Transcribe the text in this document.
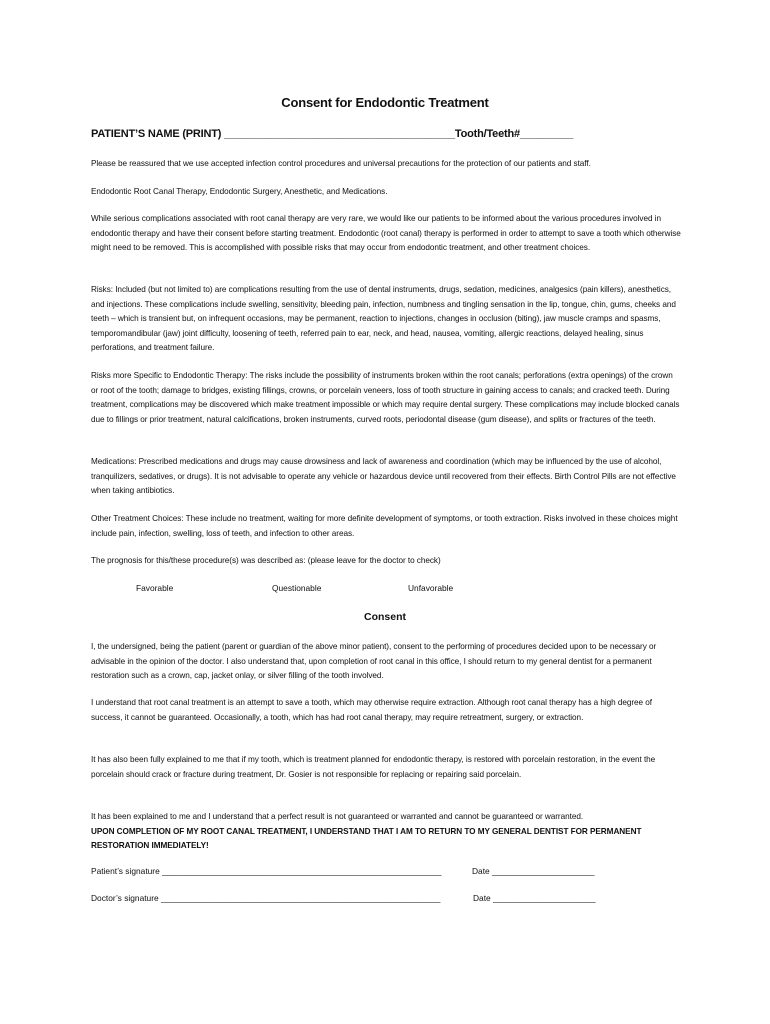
Consent for Endodontic Treatment
PATIENT’S NAME (PRINT) _______________________________________Tooth/Teeth#_________
Please be reassured that we use accepted infection control procedures and universal precautions for the protection of our patients and staff.
Endodontic Root Canal Therapy, Endodontic Surgery, Anesthetic, and Medications.
While serious complications associated with root canal therapy are very rare, we would like our patients to be informed about the various procedures involved in endodontic therapy and have their consent before starting treatment. Endodontic (root canal) therapy is performed in order to attempt to save a tooth which otherwise might need to be removed. This is accomplished with possible risks that may occur from endodontic treatment, and other treatment choices.
Risks: Included (but not limited to) are complications resulting from the use of dental instruments, drugs, sedation, medicines, analgesics (pain killers), anesthetics, and injections. These complications include swelling, sensitivity, bleeding pain, infection, numbness and tingling sensation in the lip, tongue, chin, gums, cheeks and teeth – which is transient but, on infrequent occasions, may be permanent, reaction to injections, changes in occlusion (biting), jaw muscle cramps and spasms, temporomandibular (jaw) joint difficulty, loosening of teeth, referred pain to ear, neck, and head, nausea, vomiting, allergic reactions, delayed healing, sinus perforations, and treatment failure.
Risks more Specific to Endodontic Therapy: The risks include the possibility of instruments broken within the root canals; perforations (extra openings) of the crown or root of the tooth; damage to bridges, existing fillings, crowns, or porcelain veneers, loss of tooth structure in gaining access to canals; and cracked teeth. During treatment, complications may be discovered which make treatment impossible or which may require dental surgery. These complications may include blocked canals due to fillings or prior treatment, natural calcifications, broken instruments, curved roots, periodontal disease (gum disease), and splits or fractures of the teeth.
Medications: Prescribed medications and drugs may cause drowsiness and lack of awareness and coordination (which may be influenced by the use of alcohol, tranquilizers, sedatives, or drugs). It is not advisable to operate any vehicle or hazardous device until recovered from their effects. Birth Control Pills are not effective when taking antibiotics.
Other Treatment Choices: These include no treatment, waiting for more definite development of symptoms, or tooth extraction. Risks involved in these choices might include pain, infection, swelling, loss of teeth, and infection to other areas.
The prognosis for this/these procedure(s) was described as: (please leave for the doctor to check)
Favorable	Questionable	Unfavorable
Consent
I, the undersigned, being the patient (parent or guardian of the above minor patient), consent to the performing of procedures decided upon to be necessary or advisable in the opinion of the doctor. I also understand that, upon completion of root canal in this office, I should return to my general dentist for a permanent restoration such as a crown, cap, jacket onlay, or silver filling of the tooth involved.
I understand that root canal treatment is an attempt to save a tooth, which may otherwise require extraction. Although root canal therapy has a high degree of success, it cannot be guaranteed. Occasionally, a tooth, which has had root canal therapy, may require retreatment, surgery, or extraction.
It has also been fully explained to me that if my tooth, which is treatment planned for endodontic therapy, is restored with porcelain restoration, in the event the porcelain should crack or fracture during treatment, Dr. Gosier is not responsible for replacing or repairing said porcelain.
It has been explained to me and I understand that a perfect result is not guaranteed or warranted and cannot be guaranteed or warranted.
UPON COMPLETION OF MY ROOT CANAL TREATMENT, I UNDERSTAND THAT I AM TO RETURN TO MY GENERAL DENTIST FOR PERMANENT RESTORATION IMMEDIATELY!
Patient’s signature ____________________________________________________________	Date ______________________
Doctor’s signature ____________________________________________________________	Date ______________________
